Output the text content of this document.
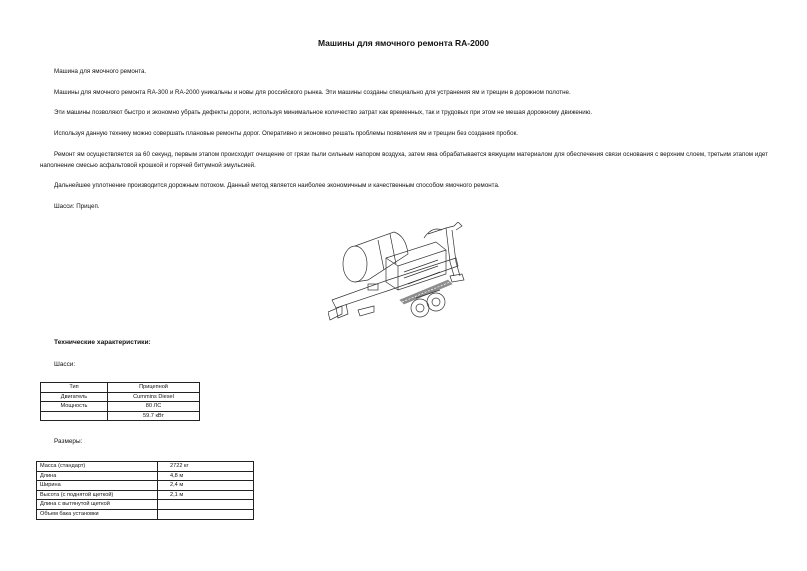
Машины для ямочного ремонта RA-2000

Машина для ямочного ремонта.

Машины для ямочного ремонта RA-300 и RA-2000 уникальны и новы для российского рынка. Эти машины созданы специально для устранения ям и трещин в дорожном полотне.

Эти машины позволяют быстро и экономно убрать дефекты дороги, используя минимальное количество затрат как временных, так и трудовых при этом не мешая дорожному движению.

Используя данную технику можно совершать плановые ремонты дорог. Оперативно и экономно решать проблемы появления ям и трещин без создания пробок.

Ремонт ям осуществляется за 60 секунд, первым этапом происходит очищение от грязи пыли сильным напором воздуха, затем яма обрабатывается вяжущим материалом для обеспечения связи основания с верхним слоем, третьим этапом идет наполнение смесью асфальтовой крошкой и горячей битумной эмульсией.

Дальнейшее уплотнение производится дорожным потоком. Данный метод является наиболее экономичным и качественным способом ямочного ремонта.

Шасси: Прицеп.

Технические характеристики:
Шасси:
Тип	Прицепной
Двигатель	Cummins Diesel
Мощность	80 ЛС
	59.7 кВт
Размеры:
Масса (стандарт)	2722 кг
Длина	4,8 м
Ширина	2,4 м
Высота (с поднятой щеткой)	2,1 м
Длина с вытянутой щеткой	
Объем бака установки	
